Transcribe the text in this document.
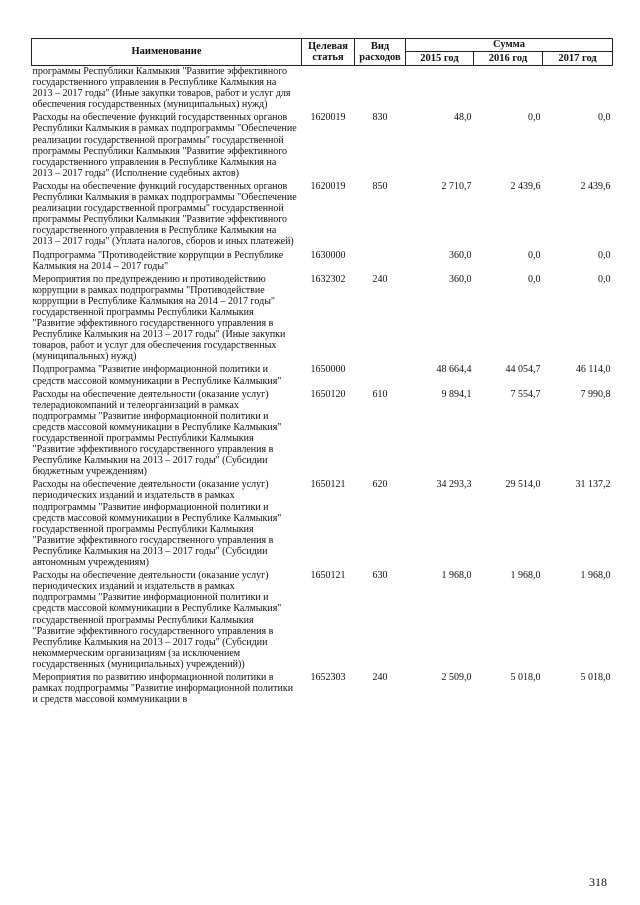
Наименование	Целевая статья	Вид расходов	Сумма		
			2015 год	2016 год	2017 год
программы Республики Калмыкия "Развитие эффективного государственного управления в Республике Калмыкия на 2013 – 2017 годы" (Иные закупки товаров, работ и услуг для обеспечения государственных (муниципальных) нужд)					
Расходы на обеспечение функций государственных органов Республики Калмыкия в рамках подпрограммы "Обеспечение реализации государственной программы" государственной программы Республики Калмыкия "Развитие эффективного государственного управления в Республике Калмыкия на 2013 – 2017 годы" (Исполнение судебных актов)	1620019	830	48,0	0,0	0,0
Расходы на обеспечение функций государственных органов Республики Калмыкия в рамках подпрограммы "Обеспечение реализации государственной программы" государственной программы Республики Калмыкия "Развитие эффективного государственного управления в Республике Калмыкия на 2013 – 2017 годы" (Уплата налогов, сборов и иных платежей)	1620019	850	2 710,7	2 439,6	2 439,6
Подпрограмма "Противодействие коррупции в Республике Калмыкия на 2014 – 2017 годы"	1630000		360,0	0,0	0,0
Мероприятия по предупреждению и противодействию коррупции в рамках подпрограммы "Противодействие коррупции в Республике Калмыкия на 2014 – 2017 годы" государственной программы Республики Калмыкия "Развитие эффективного государственного управления в Республике Калмыкия на 2013 – 2017 годы" (Иные закупки товаров, работ и услуг для обеспечения государственных (муниципальных) нужд)	1632302	240	360,0	0,0	0,0
Подпрограмма "Развитие информационной политики и средств массовой коммуникации в Республике Калмыкия"	1650000		48 664,4	44 054,7	46 114,0
Расходы на обеспечение деятельности (оказание услуг) телерадиокомпаний и телеорганизаций в рамках подпрограммы "Развитие информационной политики и средств массовой коммуникации в Республике Калмыкия" государственной программы Республики Калмыкия "Развитие эффективного государственного управления в Республике Калмыкия на 2013 – 2017 годы" (Субсидии бюджетным учреждениям)	1650120	610	9 894,1	7 554,7	7 990,8
Расходы на обеспечение деятельности (оказание услуг) периодических изданий и издательств в рамках подпрограммы "Развитие информационной политики и средств массовой коммуникации в Республике Калмыкия" государственной программы Республики Калмыкия "Развитие эффективного государственного управления в Республике Калмыкия на 2013 – 2017 годы" (Субсидии автономным учреждениям)	1650121	620	34 293,3	29 514,0	31 137,2
Расходы на обеспечение деятельности (оказание услуг) периодических изданий и издательств в рамках подпрограммы "Развитие информационной политики и средств массовой коммуникации в Республике Калмыкия" государственной программы Республики Калмыкия "Развитие эффективного государственного управления в Республике Калмыкия на 2013 – 2017 годы" (Субсидии некоммерческим организациям (за исключением государственных (муниципальных) учреждений))	1650121	630	1 968,0	1 968,0	1 968,0
Мероприятия по развитию информационной политики в рамках подпрограммы "Развитие информационной политики и средств массовой коммуникации в	1652303	240	2 509,0	5 018,0	5 018,0
318
